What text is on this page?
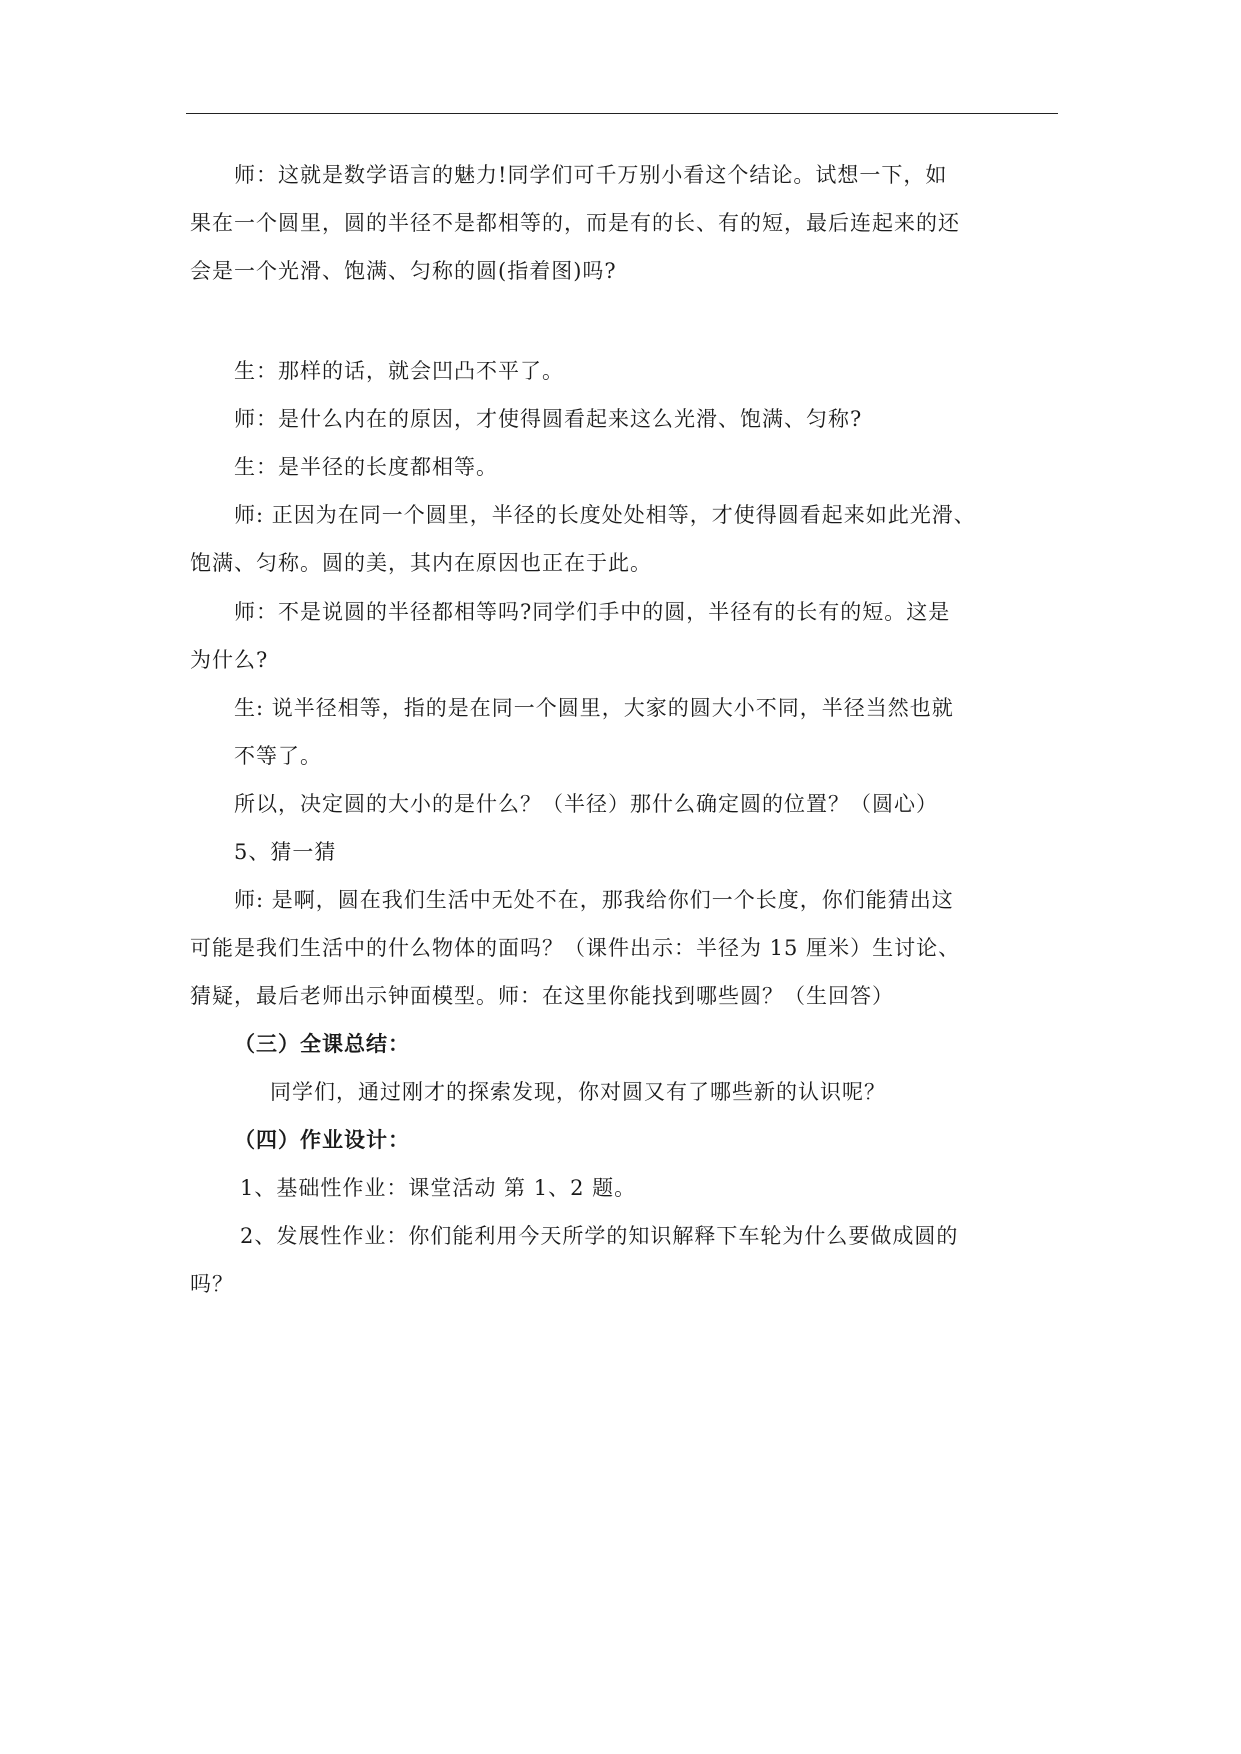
师：这就是数学语言的魅力!同学们可千万别小看这个结论。试想一下，如
果在一个圆里，圆的半径不是都相等的，而是有的长、有的短，最后连起来的还
会是一个光滑、饱满、匀称的圆(指着图)吗?
生：那样的话，就会凹凸不平了。
师：是什么内在的原因，才使得圆看起来这么光滑、饱满、匀称?
生：是半径的长度都相等。
师: 正因为在同一个圆里，半径的长度处处相等，才使得圆看起来如此光滑、
饱满、匀称。圆的美，其内在原因也正在于此。
师：不是说圆的半径都相等吗?同学们手中的圆，半径有的长有的短。这是
为什么?
生: 说半径相等，指的是在同一个圆里，大家的圆大小不同，半径当然也就
不等了。
所以，决定圆的大小的是什么？（半径）那什么确定圆的位置？（圆心）
5、猜一猜
师: 是啊，圆在我们生活中无处不在，那我给你们一个长度，你们能猜出这
可能是我们生活中的什么物体的面吗？（课件出示：半径为 15 厘米）生讨论、
猜疑，最后老师出示钟面模型。师：在这里你能找到哪些圆？（生回答）
（三）全课总结：
同学们，通过刚才的探索发现，你对圆又有了哪些新的认识呢？
（四）作业设计：
1、基础性作业：课堂活动 第 1、2 题。
2、发展性作业：你们能利用今天所学的知识解释下车轮为什么要做成圆的
吗？
